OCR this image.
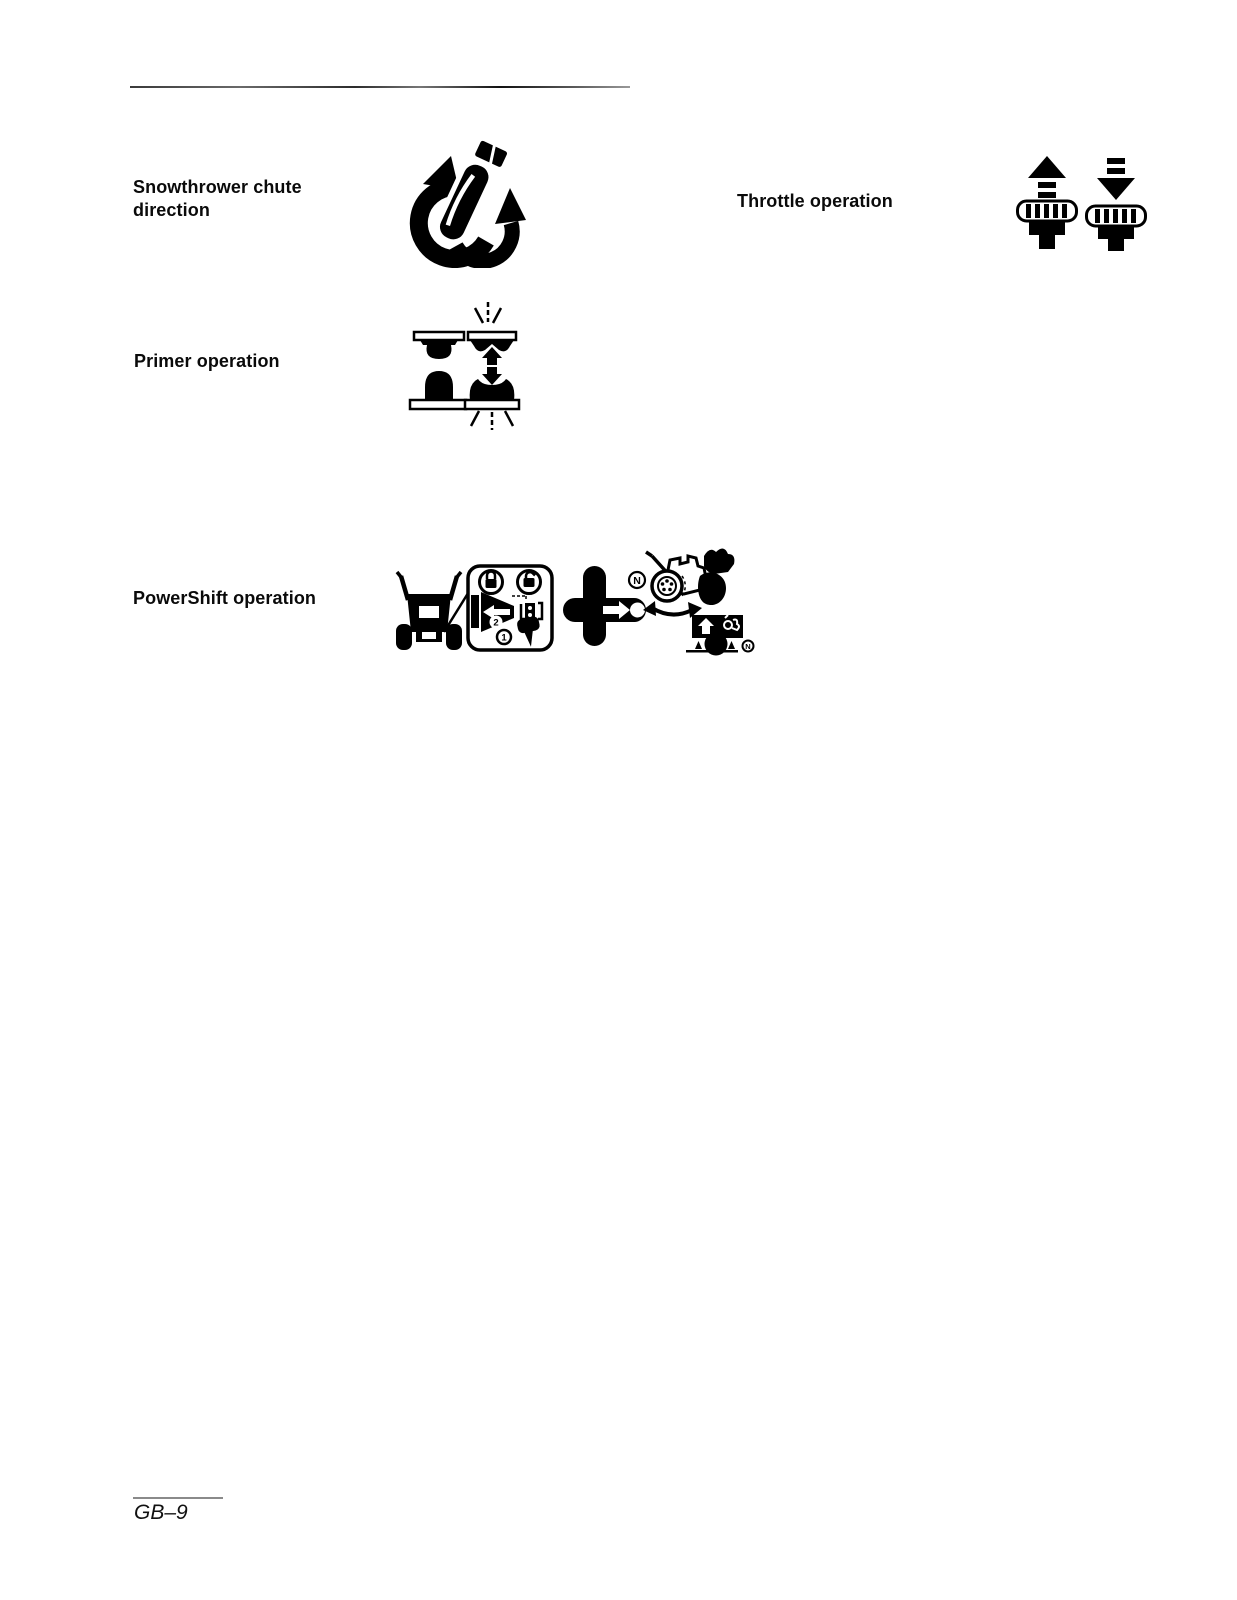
Snowthrower chute direction	Throttle operation
Primer operation
PowerShift operation
2
1
N
N
GB–9
